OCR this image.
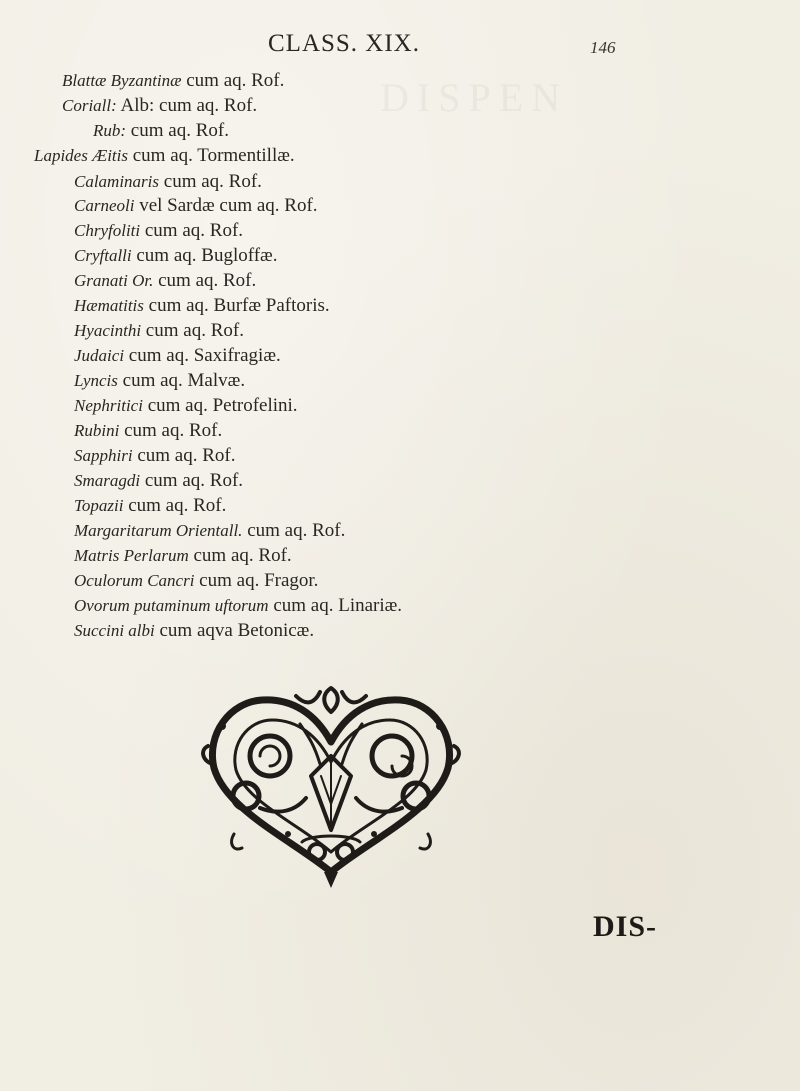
DISPEN
CLASS. XIX.	146
Blattæ Byzantinæ cum aq. Rof.
Coriall: Alb: cum aq. Rof.
Rub: cum aq. Rof.
Lapides Æitis cum aq. Tormentillæ.
Calaminaris cum aq. Rof.
Carneoli vel Sardæ cum aq. Rof.
Chryfoliti cum aq. Rof.
Cryftalli cum aq. Bugloffæ.
Granati Or. cum aq. Rof.
Hæmatitis cum aq. Burfæ Paftoris.
Hyacinthi cum aq. Rof.
Judaici cum aq. Saxifragiæ.
Lyncis cum aq. Malvæ.
Nephritici cum aq. Petrofelini.
Rubini cum aq. Rof.
Sapphiri cum aq. Rof.
Smaragdi cum aq. Rof.
Topazii cum aq. Rof.
Margaritarum Orientall. cum aq. Rof.
Matris Perlarum cum aq. Rof.
Oculorum Cancri cum aq. Fragor.
Ovorum putaminum uftorum cum aq. Linariæ.
Succini albi cum aqva Betonicæ.
DIS-
